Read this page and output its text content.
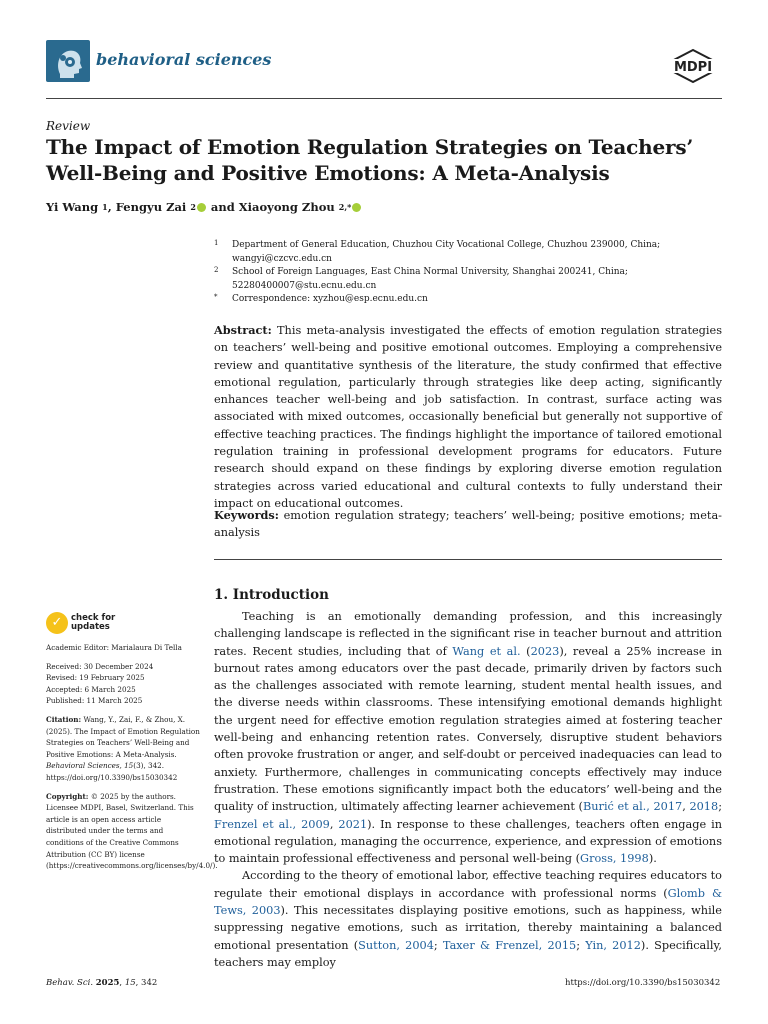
behavioral sciences	MDPI
Review
The Impact of Emotion Regulation Strategies on Teachers’ Well-Being and Positive Emotions: A Meta-Analysis
Yi Wang
1 , Fengyu Zai
2
and Xiaoyong Zhou
2,*
1 Department of General Education, Chuzhou City Vocational College, Chuzhou 239000, China; wangyi@czcvc.edu.cn
2 School of Foreign Languages, East China Normal University, Shanghai 200241, China; 52280400007@stu.ecnu.edu.cn
* Correspondence: xyzhou@esp.ecnu.edu.cn
Abstract: This meta-analysis investigated the effects of emotion regulation strategies on teachers’ well-being and positive emotional outcomes. Employing a comprehensive review and quantitative synthesis of the literature, the study confirmed that effective emotional regulation, particularly through strategies like deep acting, significantly enhances teacher well-being and job satisfaction. In contrast, surface acting was associated with mixed outcomes, occasionally beneficial but generally not supportive of effective teaching practices. The findings highlight the importance of tailored emotional regulation training in professional development programs for educators. Future research should expand on these findings by exploring diverse emotion regulation strategies across varied educational and cultural contexts to fully understand their impact on educational outcomes.
Keywords: emotion regulation strategy; teachers’ well-being; positive emotions; meta-analysis
1. Introduction

Teaching is an emotionally demanding profession, and this increasingly challenging landscape is reflected in the significant rise in teacher burnout and attrition rates. Recent studies, including that of Wang et al. (2023), reveal a 25% increase in burnout rates among educators over the past decade, primarily driven by factors such as the challenges associated with remote learning, student mental health issues, and the diverse needs within classrooms. These intensifying emotional demands highlight the urgent need for effective emotion regulation strategies aimed at fostering teacher well-being and enhancing retention rates. Conversely, disruptive student behaviors often provoke frustration or anger, and self-doubt or perceived inadequacies can lead to anxiety. Furthermore, challenges in communicating concepts effectively may induce frustration. These emotions significantly impact both the educators’ well-being and the quality of instruction, ultimately affecting learner achievement (Burić et al., 2017, 2018; Frenzel et al., 2009, 2021). In response to these challenges, teachers often engage in emotional regulation, managing the occurrence, experience, and expression of emotions to maintain professional effectiveness and personal well-being (Gross, 1998).

According to the theory of emotional labor, effective teaching requires educators to regulate their emotional displays in accordance with professional norms (Glomb & Tews, 2003). This necessitates displaying positive emotions, such as happiness, while suppressing negative emotions, such as irritation, thereby maintaining a balanced emotional presentation (Sutton, 2004; Taxer & Frenzel, 2015; Yin, 2012). Specifically, teachers may employ

✓	check for
updates
Academic Editor: Marialaura Di Tella
Received: 30 December 2024
Revised: 19 February 2025
Accepted: 6 March 2025
Published: 11 March 2025
Citation: Wang, Y., Zai, F., & Zhou, X. (2025). The Impact of Emotion Regulation Strategies on Teachers’ Well-Being and Positive Emotions: A Meta-Analysis. Behavioral Sciences, 15(3), 342. https://doi.org/10.3390/bs15030342
Copyright: © 2025 by the authors. Licensee MDPI, Basel, Switzerland. This article is an open access article distributed under the terms and conditions of the Creative Commons Attribution (CC BY) license (https://creativecommons.org/licenses/by/4.0/).
Behav. Sci. 2025, 15, 342	https://doi.org/10.3390/bs15030342
